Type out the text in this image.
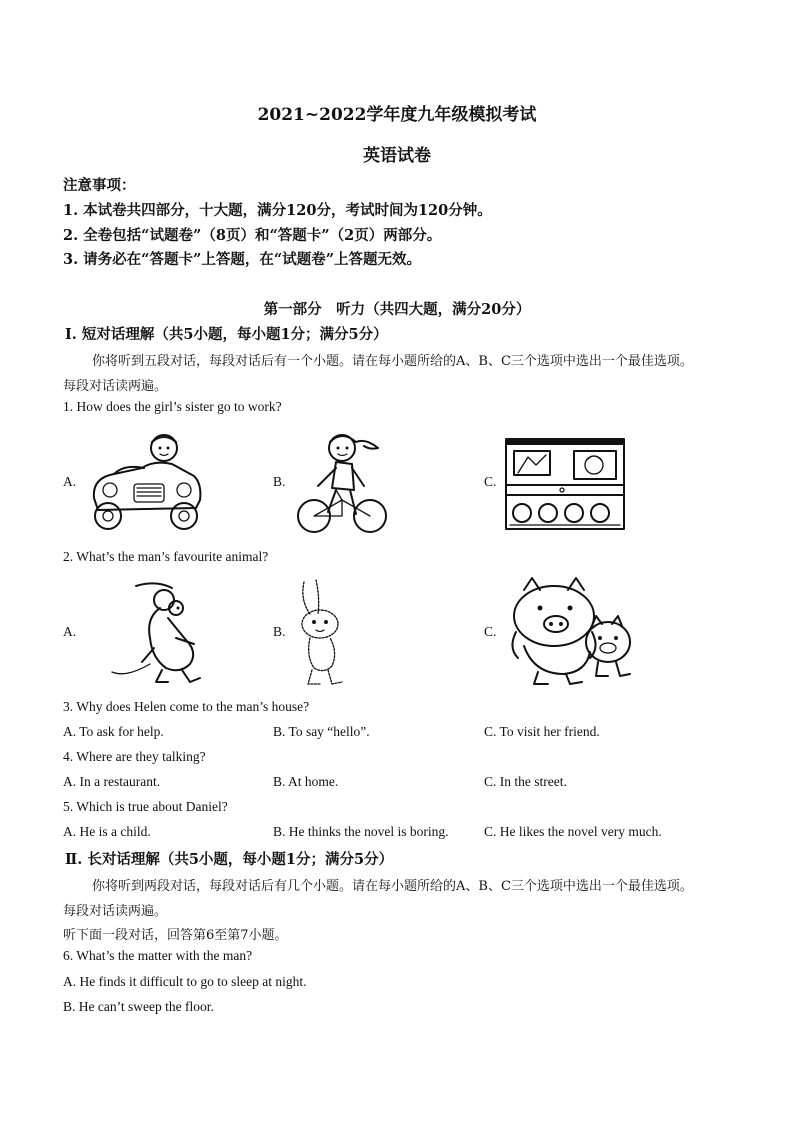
2021~2022学年度九年级模拟考试
英语试卷
注意事项：
1. 本试卷共四部分，十大题，满分120分，考试时间为120分钟。
2. 全卷包括“试题卷”（8页）和“答题卡”（2页）两部分。
3. 请务必在“答题卡”上答题，在“试题卷”上答题无效。
第一部分　听力（共四大题，满分20分）
Ⅰ. 短对话理解（共5小题，每小题1分；满分5分）
你将听到五段对话，每段对话后有一个小题。请在每小题所给的A、B、C三个选项中选出一个最佳选项。
每段对话读两遍。
1. How does the girl’s sister go to work?
A.	B.	C.
2. What’s the man’s favourite animal?
A.	B.	C.
3. Why does Helen come to the man’s house?
A. To ask for help.	B. To say “hello”.	C. To visit her friend.
4. Where are they talking?
A. In a restaurant.	B. At home.	C. In the street.
5. Which is true about Daniel?
A. He is a child.	B. He thinks the novel is boring.	C. He likes the novel very much.
Ⅱ. 长对话理解（共5小题，每小题1分；满分5分）
你将听到两段对话，每段对话后有几个小题。请在每小题所给的A、B、C三个选项中选出一个最佳选项。
每段对话读两遍。
听下面一段对话，回答第6至第7小题。
6. What’s the matter with the man?
A. He finds it difficult to go to sleep at night.
B. He can’t sweep the floor.
